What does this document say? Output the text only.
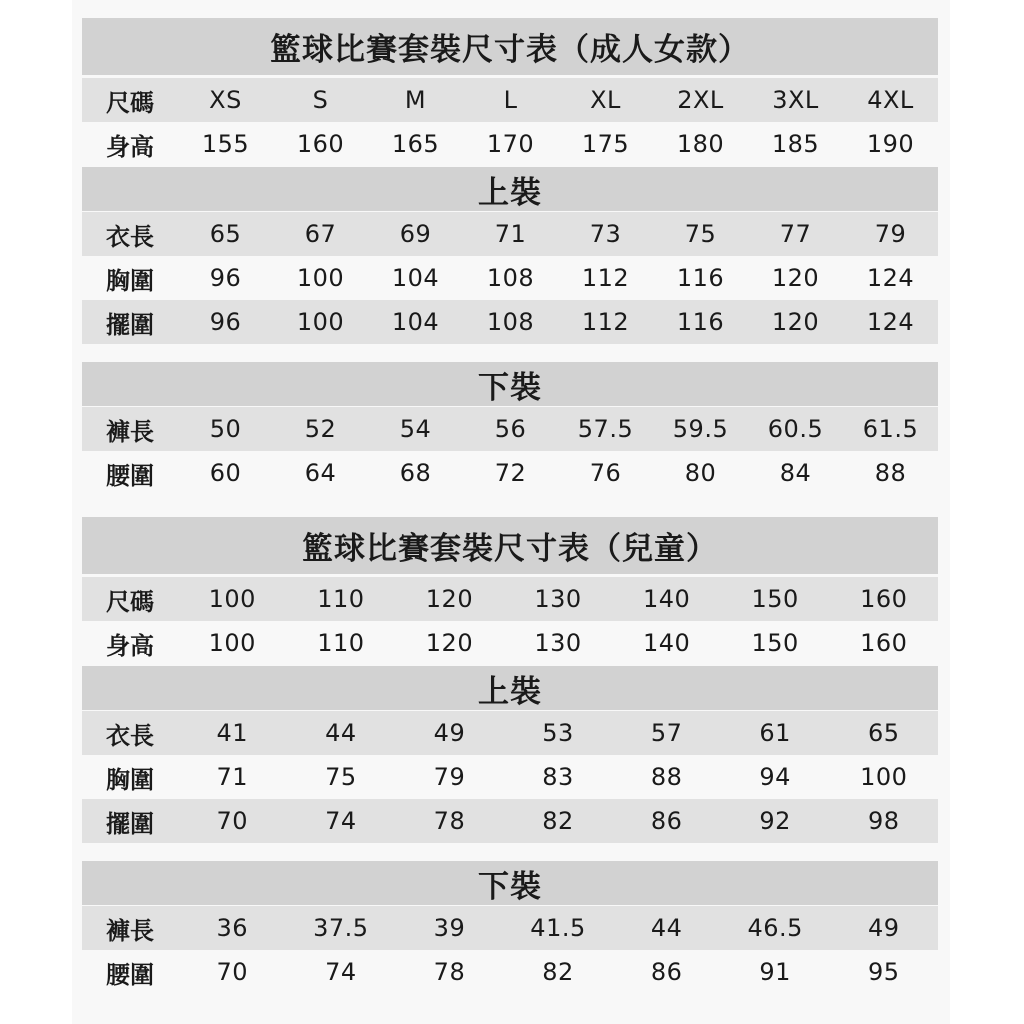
籃球比賽套裝尺寸表（成人女款）
尺碼	XS	S	M	L	XL	2XL	3XL	4XL
身高	155	160	165	170	175	180	185	190
上裝
衣長	65	67	69	71	73	75	77	79
胸圍	96	100	104	108	112	116	120	124
擺圍	96	100	104	108	112	116	120	124
下裝
褲長	50	52	54	56	57.5	59.5	60.5	61.5
腰圍	60	64	68	72	76	80	84	88
籃球比賽套裝尺寸表（兒童）
尺碼	100	110	120	130	140	150	160
身高	100	110	120	130	140	150	160
上裝
衣長	41	44	49	53	57	61	65
胸圍	71	75	79	83	88	94	100
擺圍	70	74	78	82	86	92	98
下裝
褲長	36	37.5	39	41.5	44	46.5	49
腰圍	70	74	78	82	86	91	95
